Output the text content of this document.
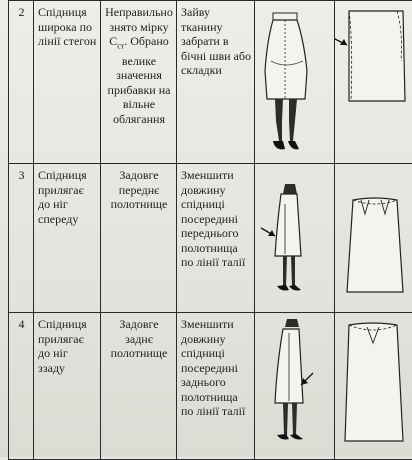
2	Спідниця широка по лінії стегон	Неправильно знято мірку $С_{ст}$. Обрано велике значення прибавки на вільне облягання	Зайву тканину забрати в бічні шви або складки

3	Спідниця прилягає до ніг спереду	Задовге переднє полотнище	Зменшити довжину спідниці посередині переднього полотнища по лінії талії

4	Спідниця прилягає до ніг ззаду	Задовге заднє полотнище	Зменшити довжину спідниці посередині заднього полотнища по лінії талії
